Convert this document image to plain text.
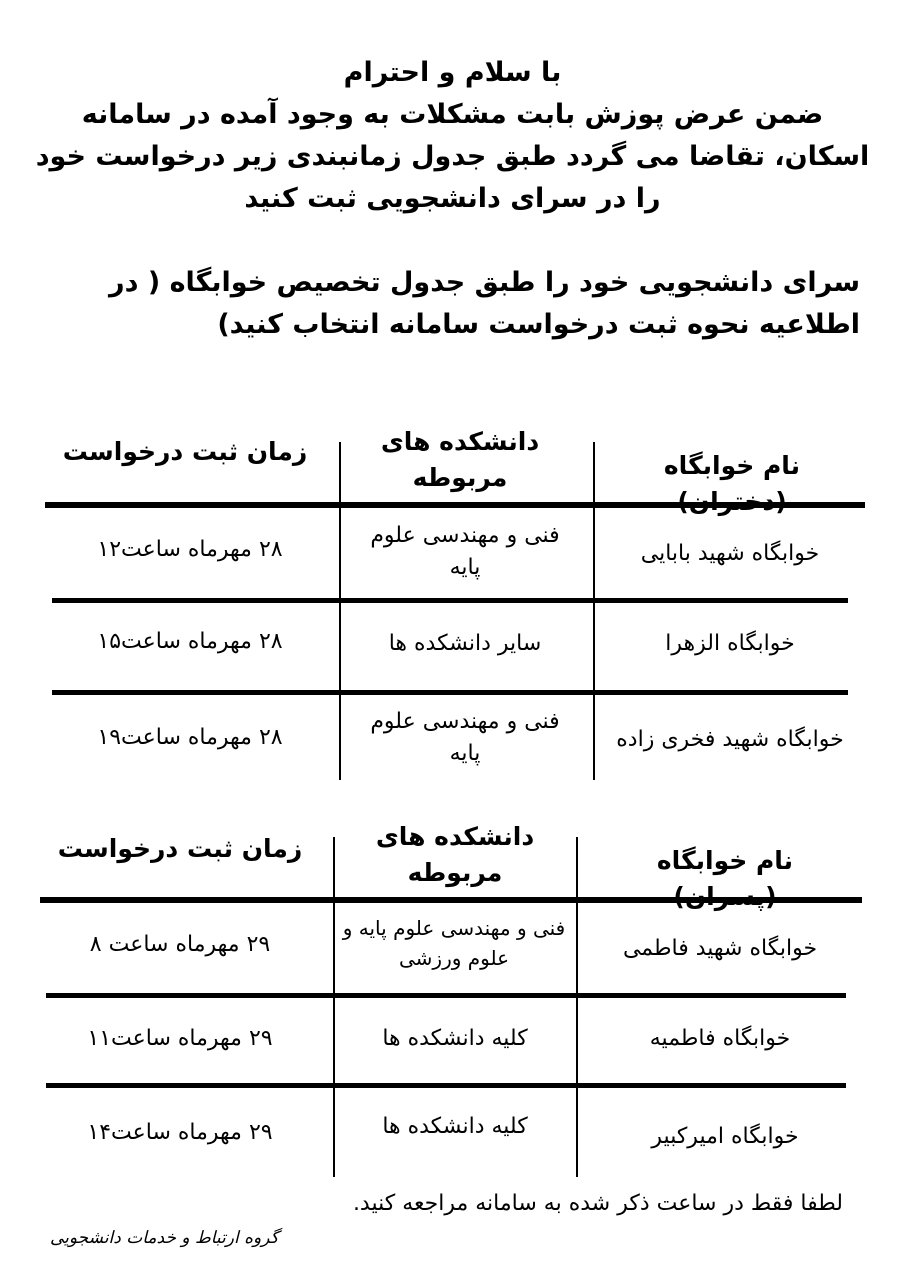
با سلام و احترام
ضمن عرض پوزش بابت مشکلات به وجود آمده در سامانه اسکان، تقاضا می گردد طبق جدول زمانبندی زیر درخواست خود را در سرای دانشجویی ثبت کنید
سرای دانشجویی خود را طبق جدول تخصیص خوابگاه ( در اطلاعیه نحوه ثبت درخواست سامانه انتخاب کنید)
نام خوابگاه
دانشکده های مربوطه
زمان ثبت درخواست
خوابگاه شهید بابایی
فنی و مهندسی علوم پایه
۲۸ مهرماه ساعت۱۲
خوابگاه الزهرا
سایر دانشکده ها
۲۸ مهرماه ساعت۱۵
خوابگاه شهید فخری زاده
فنی و مهندسی علوم پایه
۲۸ مهرماه ساعت۱۹
نام خوابگاه
دانشکده های مربوطه
زمان ثبت درخواست
خوابگاه شهید فاطمی
فنی و مهندسی علوم پایه و علوم ورزشی
۲۹ مهرماه ساعت ۸
خوابگاه فاطمیه
کلیه دانشکده ها
۲۹ مهرماه ساعت۱۱
خوابگاه امیرکبیر
کلیه دانشکده ها
۲۹ مهرماه ساعت۱۴
لطفا فقط در ساعت ذکر شده به سامانه مراجعه کنید.
گروه ارتباط و خدمات دانشجویی
